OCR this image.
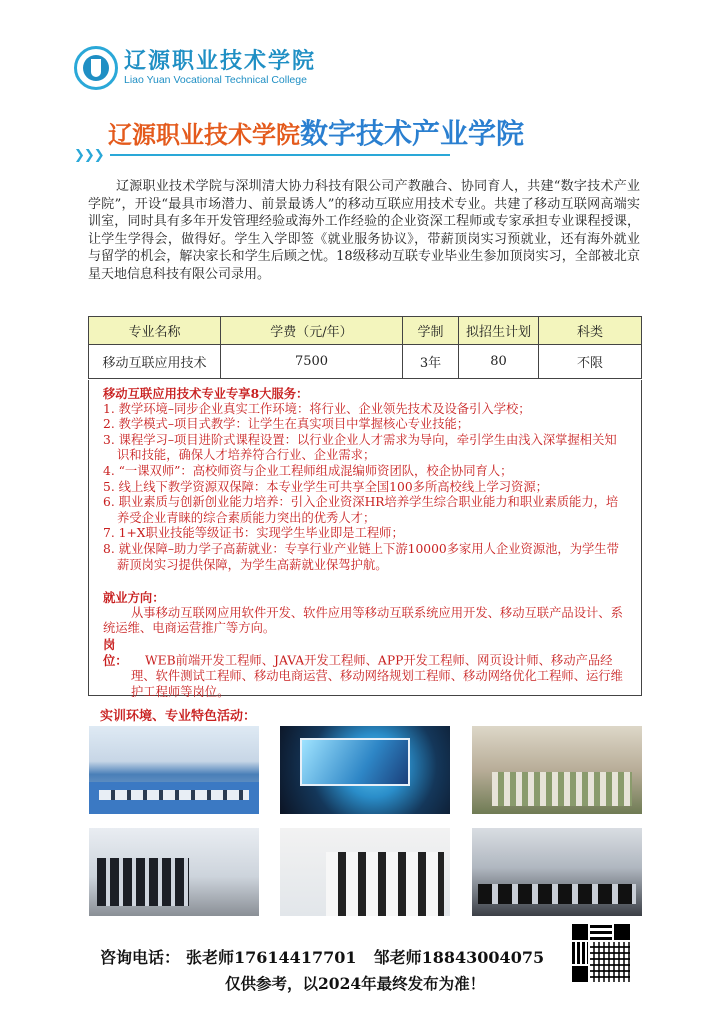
辽源职业技术学院
Liao Yuan Vocational Technical College
辽源职业技术学院数字技术产业学院
❯❯❯

辽源职业技术学院与深圳清大协力科技有限公司产教融合、协同育人，共建“数字技术产业学院”，开设“最具市场潜力、前景最诱人”的移动互联应用技术专业。共建了移动互联网高端实训室，同时具有多年开发管理经验或海外工作经验的企业资深工程师或专家承担专业课程授课，让学生学得会，做得好。学生入学即签《就业服务协议》，带薪顶岗实习预就业，还有海外就业与留学的机会，解决家长和学生后顾之忧。18级移动互联专业毕业生参加顶岗实习，全部被北京星天地信息科技有限公司录用。

专业名称	学费（元/年）	学制	拟招生计划	科类
移动互联应用技术	7500	3年	80	不限
移动互联应用技术专业专享8大服务：
1. 教学环境–同步企业真实工作环境：将行业、企业领先技术及设备引入学校；
2. 教学模式–项目式教学：让学生在真实项目中掌握核心专业技能；
3. 课程学习–项目进阶式课程设置：以行业企业人才需求为导向，牵引学生由浅入深掌握相关知识和技能，确保人才培养符合行业、企业需求；
4. “一课双师”：高校师资与企业工程师组成混编师资团队，校企协同育人；
5. 线上线下教学资源双保障：本专业学生可共享全国100多所高校线上学习资源；
6. 职业素质与创新创业能力培养：引入企业资深HR培养学生综合职业能力和职业素质能力，培养受企业青睐的综合素质能力突出的优秀人才；
7. 1+X职业技能等级证书：实现学生毕业即是工程师；
8. 就业保障–助力学子高薪就业：专享行业产业链上下游10000多家用人企业资源池，为学生带薪顶岗实习提供保障，为学生高薪就业保驾护航。
就业方向：
从事移动互联网应用软件开发、软件应用等移动互联系统应用开发、移动互联产品设计、系统运维、电商运营推广等方向。
岗　　位： WEB前端开发工程师、JAVA开发工程师、APP开发工程师、网页设计师、移动产品经理、软件测试工程师、移动电商运营、移动网络规划工程师、移动网络优化工程师、运行维护工程师等岗位。
实训环境、专业特色活动：
咨询电话： 张老师17614417701 邹老师18843004075
仅供参考，以2024年最终发布为准！
